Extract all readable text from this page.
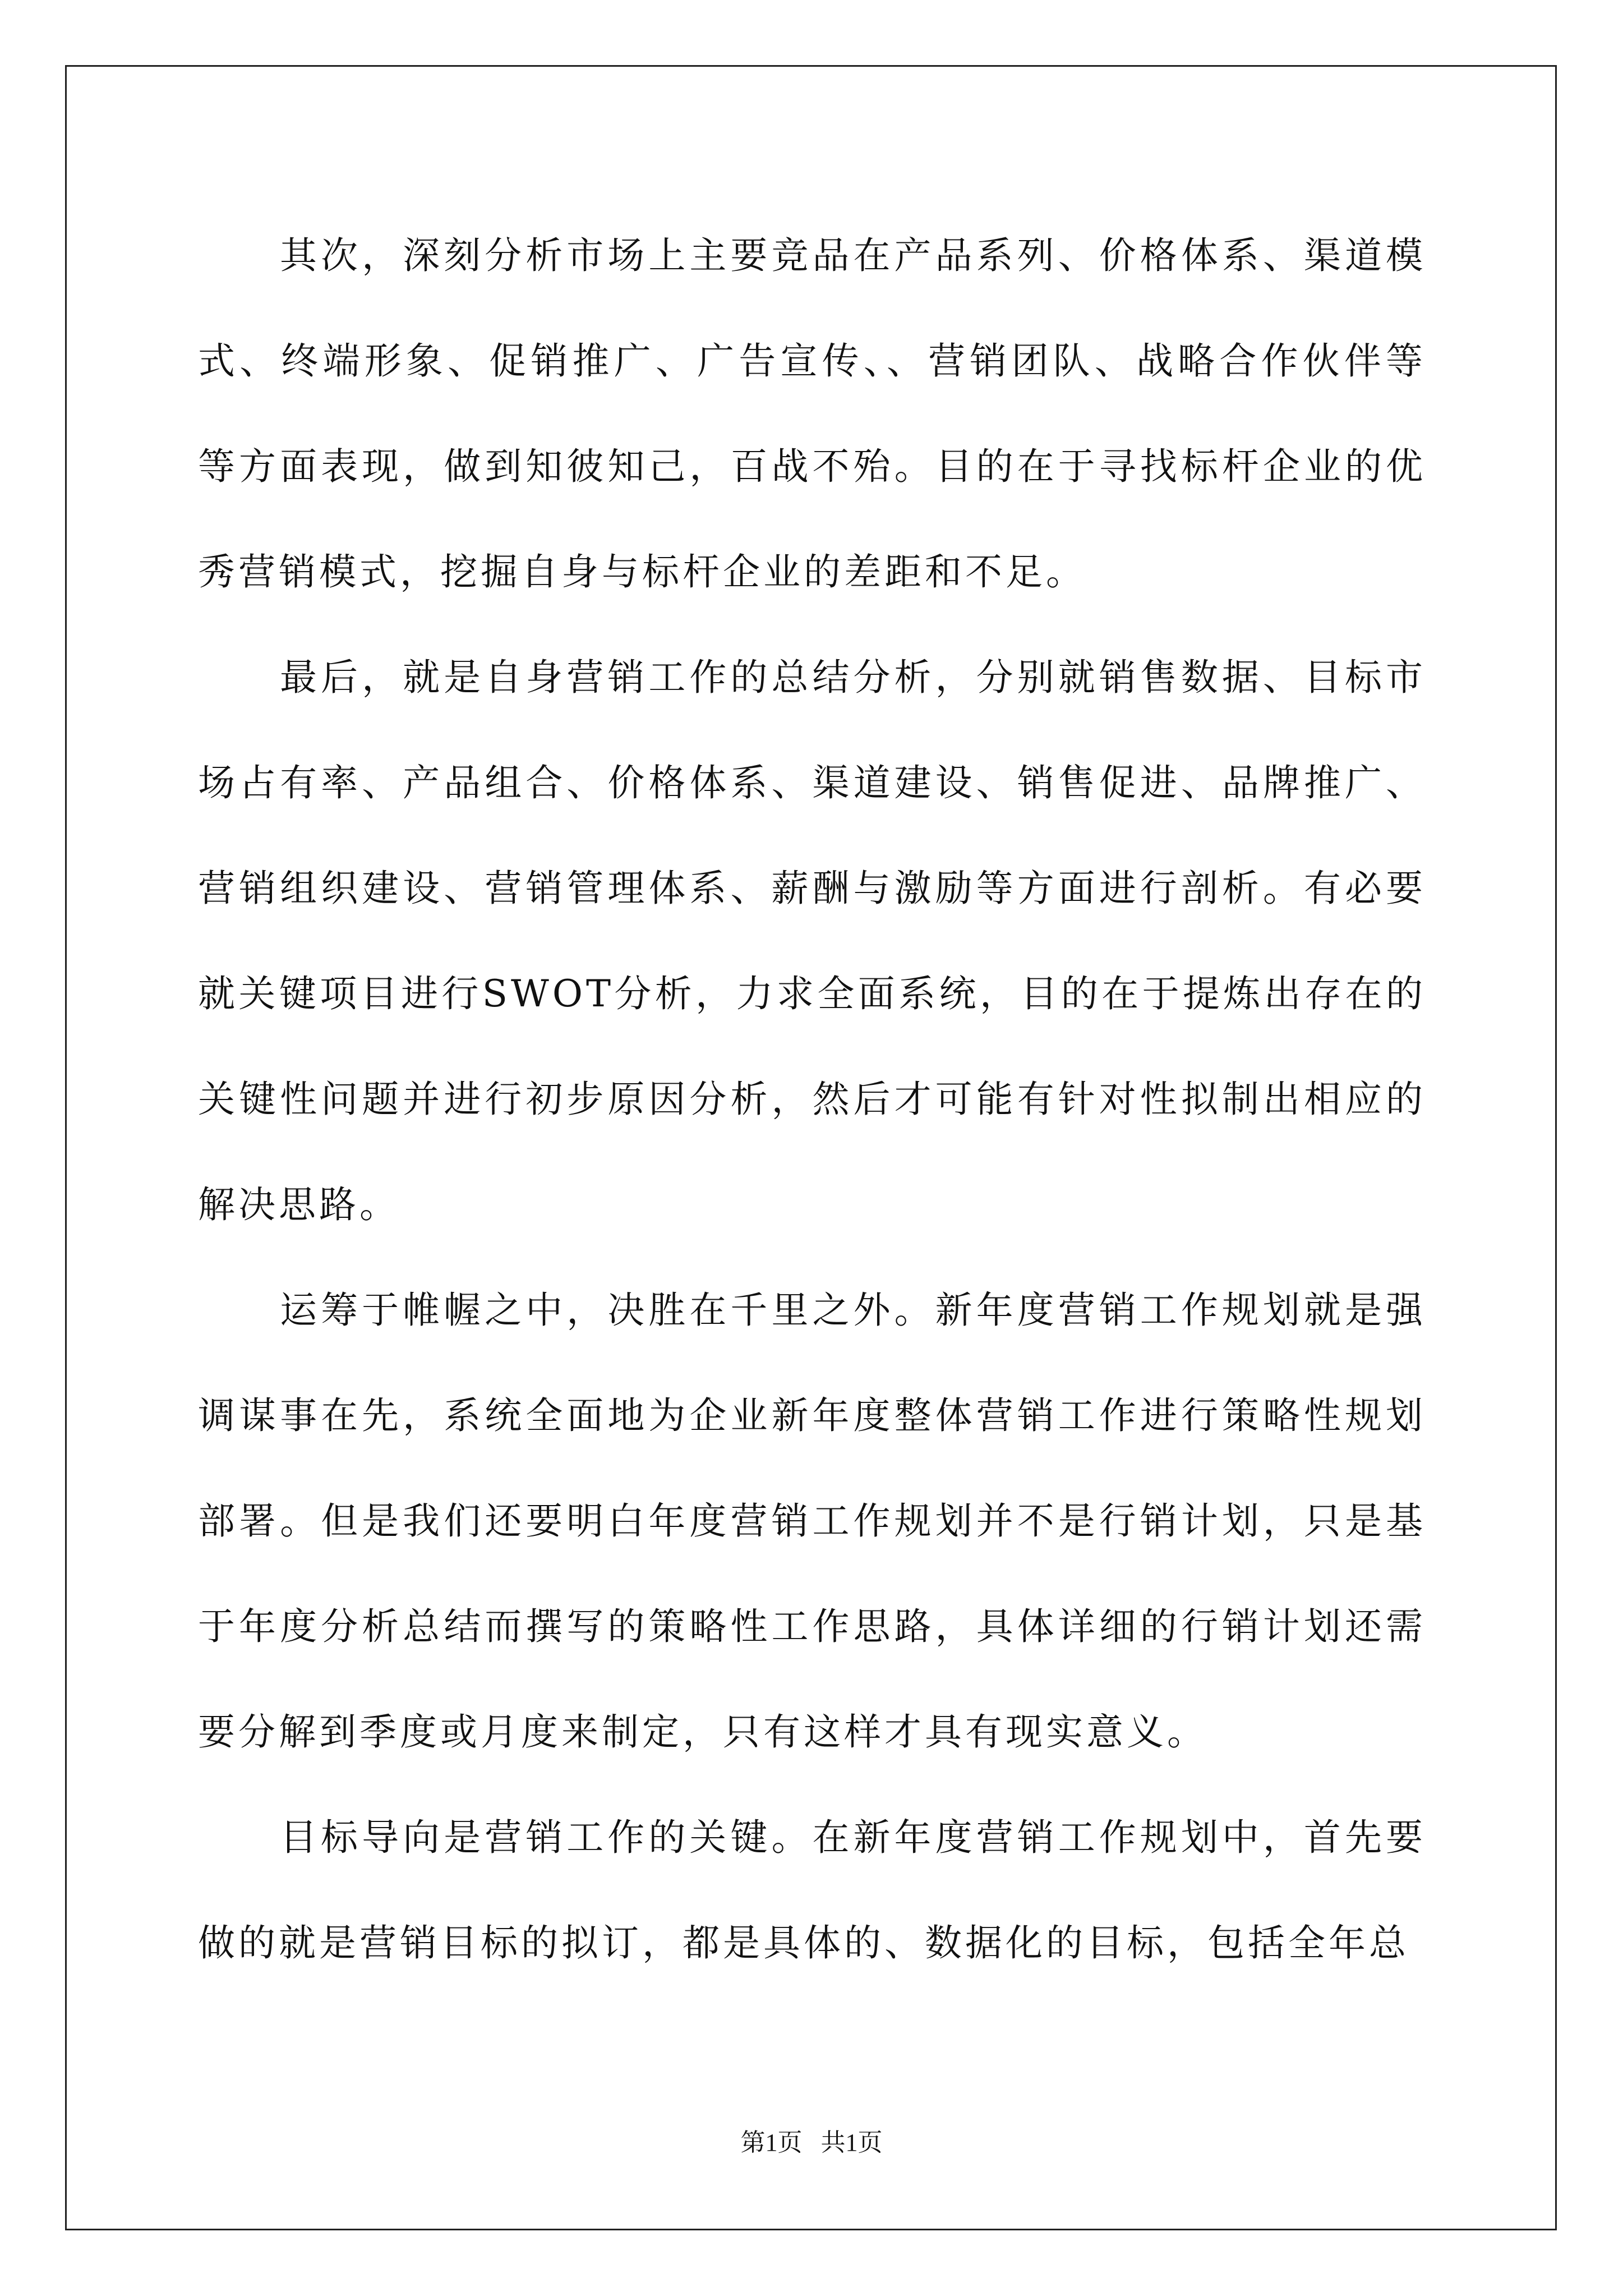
其次，深刻分析市场上主要竞品在产品系列、价格体系、渠道模式、终端形象、促销推广、广告宣传、、营销团队、战略合作伙伴等等方面表现，做到知彼知己，百战不殆。目的在于寻找标杆企业的优秀营销模式，挖掘自身与标杆企业的差距和不足。

最后，就是自身营销工作的总结分析，分别就销售数据、目标市场占有率、产品组合、价格体系、渠道建设、销售促进、品牌推广、营销组织建设、营销管理体系、薪酬与激励等方面进行剖析。有必要就关键项目进行SWOT分析，力求全面系统，目的在于提炼出存在的关键性问题并进行初步原因分析，然后才可能有针对性拟制出相应的解决思路。

运筹于帷幄之中，决胜在千里之外。新年度营销工作规划就是强调谋事在先，系统全面地为企业新年度整体营销工作进行策略性规划部署。但是我们还要明白年度营销工作规划并不是行销计划，只是基于年度分析总结而撰写的策略性工作思路，具体详细的行销计划还需要分解到季度或月度来制定，只有这样才具有现实意义。

目标导向是营销工作的关键。在新年度营销工作规划中，首先要做的就是营销目标的拟订，都是具体的、数据化的目标，包括全年总

第1页   共1页
